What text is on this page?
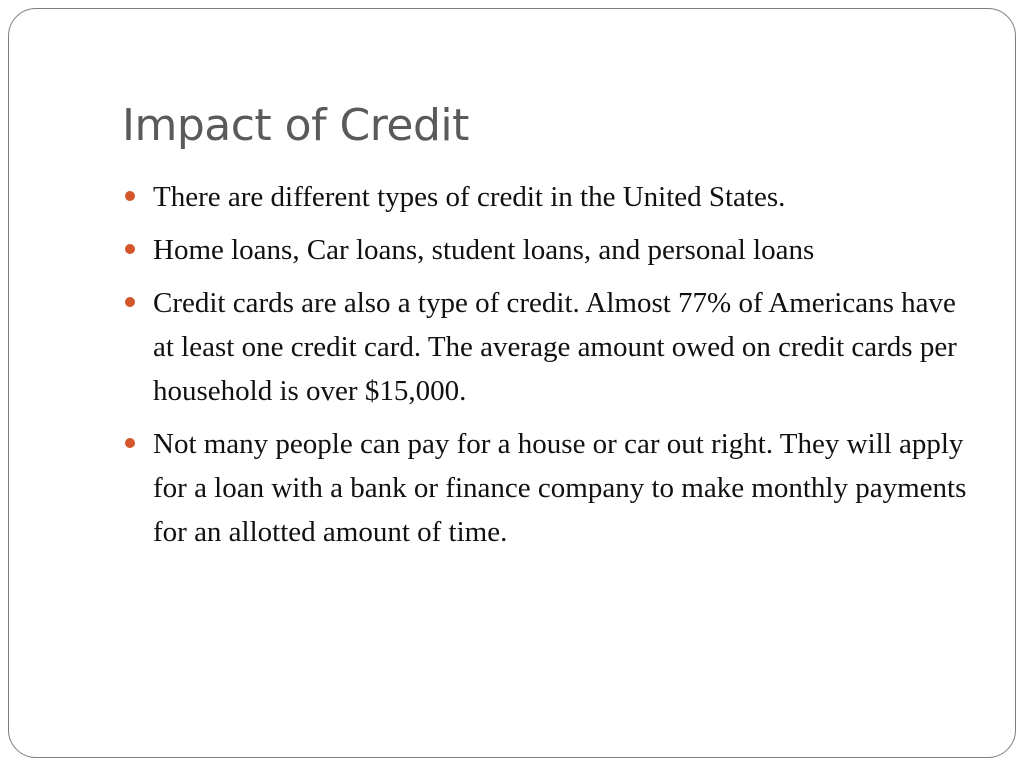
Impact of Credit
There are different types of credit in the United States.
Home loans, Car loans, student loans, and personal loans
Credit cards are also a type of credit. Almost 77% of Americans have at least one credit card. The average amount owed on credit cards per household is over $15,000.
Not many people can pay for a house or car out right. They will apply for a loan with a bank or finance company to make monthly payments for an allotted amount of time.
